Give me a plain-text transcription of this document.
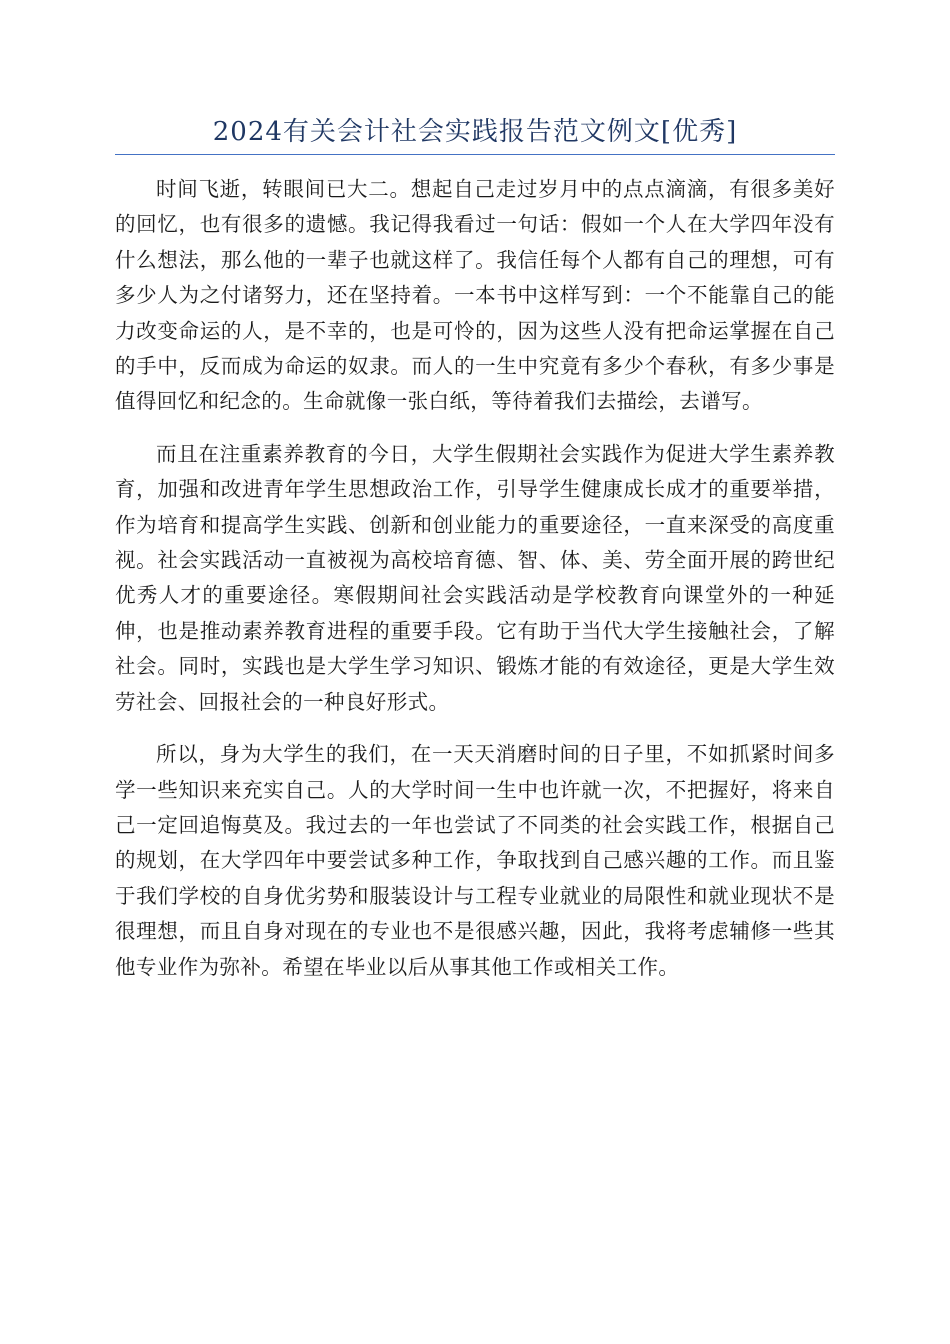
2024有关会计社会实践报告范文例文[优秀]

时间飞逝，转眼间已大二。想起自己走过岁月中的点点滴滴，有很多美好的回忆，也有很多的遗憾。我记得我看过一句话：假如一个人在大学四年没有什么想法，那么他的一辈子也就这样了。我信任每个人都有自己的理想，可有多少人为之付诸努力，还在坚持着。一本书中这样写到：一个不能靠自己的能力改变命运的人，是不幸的，也是可怜的，因为这些人没有把命运掌握在自己的手中，反而成为命运的奴隶。而人的一生中究竟有多少个春秋，有多少事是值得回忆和纪念的。生命就像一张白纸，等待着我们去描绘，去谱写。

而且在注重素养教育的今日，大学生假期社会实践作为促进大学生素养教育，加强和改进青年学生思想政治工作，引导学生健康成长成才的重要举措，作为培育和提高学生实践、创新和创业能力的重要途径，一直来深受的高度重视。社会实践活动一直被视为高校培育德、智、体、美、劳全面开展的跨世纪优秀人才的重要途径。寒假期间社会实践活动是学校教育向课堂外的一种延伸，也是推动素养教育进程的重要手段。它有助于当代大学生接触社会，了解社会。同时，实践也是大学生学习知识、锻炼才能的有效途径，更是大学生效劳社会、回报社会的一种良好形式。

所以，身为大学生的我们，在一天天消磨时间的日子里，不如抓紧时间多学一些知识来充实自己。人的大学时间一生中也许就一次，不把握好，将来自己一定回追悔莫及。我过去的一年也尝试了不同类的社会实践工作，根据自己的规划，在大学四年中要尝试多种工作，争取找到自己感兴趣的工作。而且鉴于我们学校的自身优劣势和服装设计与工程专业就业的局限性和就业现状不是很理想，而且自身对现在的专业也不是很感兴趣，因此，我将考虑辅修一些其他专业作为弥补。希望在毕业以后从事其他工作或相关工作。
